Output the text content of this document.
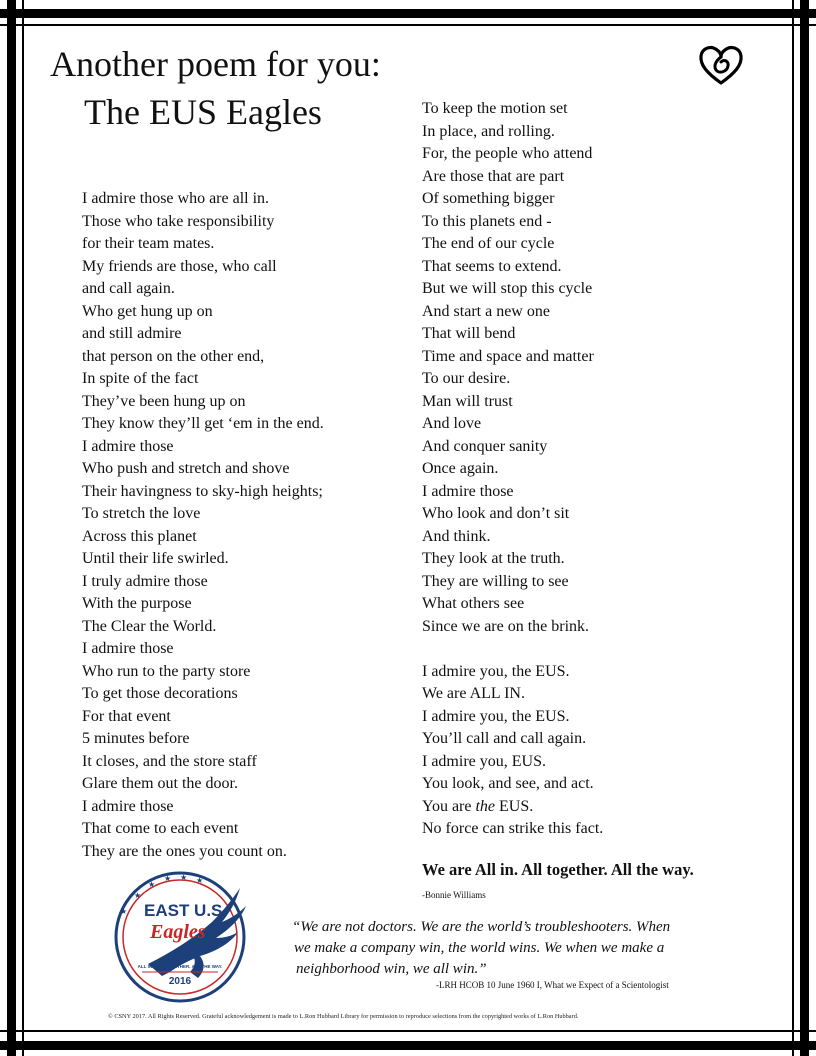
Another poem for you:
The EUS Eagles
I admire those who are all in.
Those who take responsibility
for their team mates.
My friends are those, who call
and call again.
Who get hung up on
and still admire
that person on the other end,
In spite of the fact
They’ve been hung up on
They know they’ll get ‘em in the end.
I admire those
Who push and stretch and shove
Their havingness to sky-high heights;
To stretch the love
Across this planet
Until their life swirled.
I truly admire those
With the purpose
The Clear the World.
I admire those
Who run to the party store
To get those decorations
For that event
5 minutes before
It closes, and the store staff
Glare them out the door.
I admire those
That come to each event
They are the ones you count on.
To keep the motion set
In place, and rolling.
For, the people who attend
Are those that are part
Of something bigger
To this planets end -
The end of our cycle
That seems to extend.
But we will stop this cycle
And start a new one
That will bend
Time and space and matter
To our desire.
Man will trust
And love
And conquer sanity
Once again.
I admire those
Who look and don’t sit
And think.
They look at the truth.
They are willing to see
What others see
Since we are on the brink.
I admire you, the EUS.
We are ALL IN.
I admire you, the EUS.
You’ll call and call again.
I admire you, EUS.
You look, and see, and act.
You are the EUS.
No force can strike this fact.
We are All in. All together. All the way.
-Bonnie Williams
★
★
★ ★ ★
★ EAST U.S.
Eagles
ALL IN. ALL TOGETHER. ALL THE WAY.
2016

“We are not doctors. We are the world’s troubleshooters. When
we make a company win, the world wins. We when we make a
neighborhood win, we all win.”

-LRH HCOB 10 June 1960 I, What we Expect of a Scientologist
© CSNY 2017. All Rights Reserved. Grateful acknowledgement is made to L.Ron Hubbard Library for permission to reproduce selections from the copyrighted works of L.Ron Hubbard.
